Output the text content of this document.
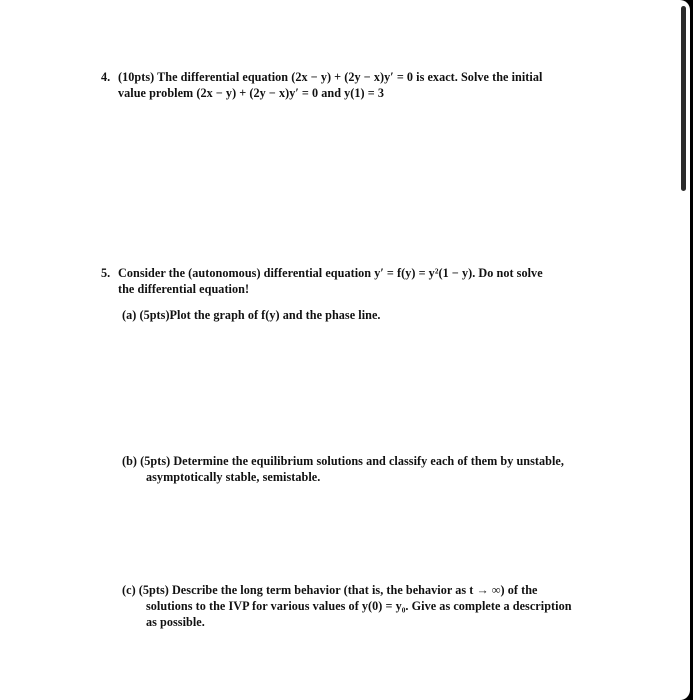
4. (10pts) The differential equation (2x − y) + (2y − x)y′ = 0 is exact. Solve the initial
value problem (2x − y) + (2y − x)y′ = 0 and y(1) = 3
5. Consider the (autonomous) differential equation y′ = f(y) = y²(1 − y). Do not solve
the differential equation!
(a) (5pts)Plot the graph of f(y) and the phase line.
(b) (5pts) Determine the equilibrium solutions and classify each of them by unstable,
asymptotically stable, semistable.
(c) (5pts) Describe the long term behavior (that is, the behavior as t → ∞) of the
solutions to the IVP for various values of y(0) = y₀. Give as complete a description
as possible.
